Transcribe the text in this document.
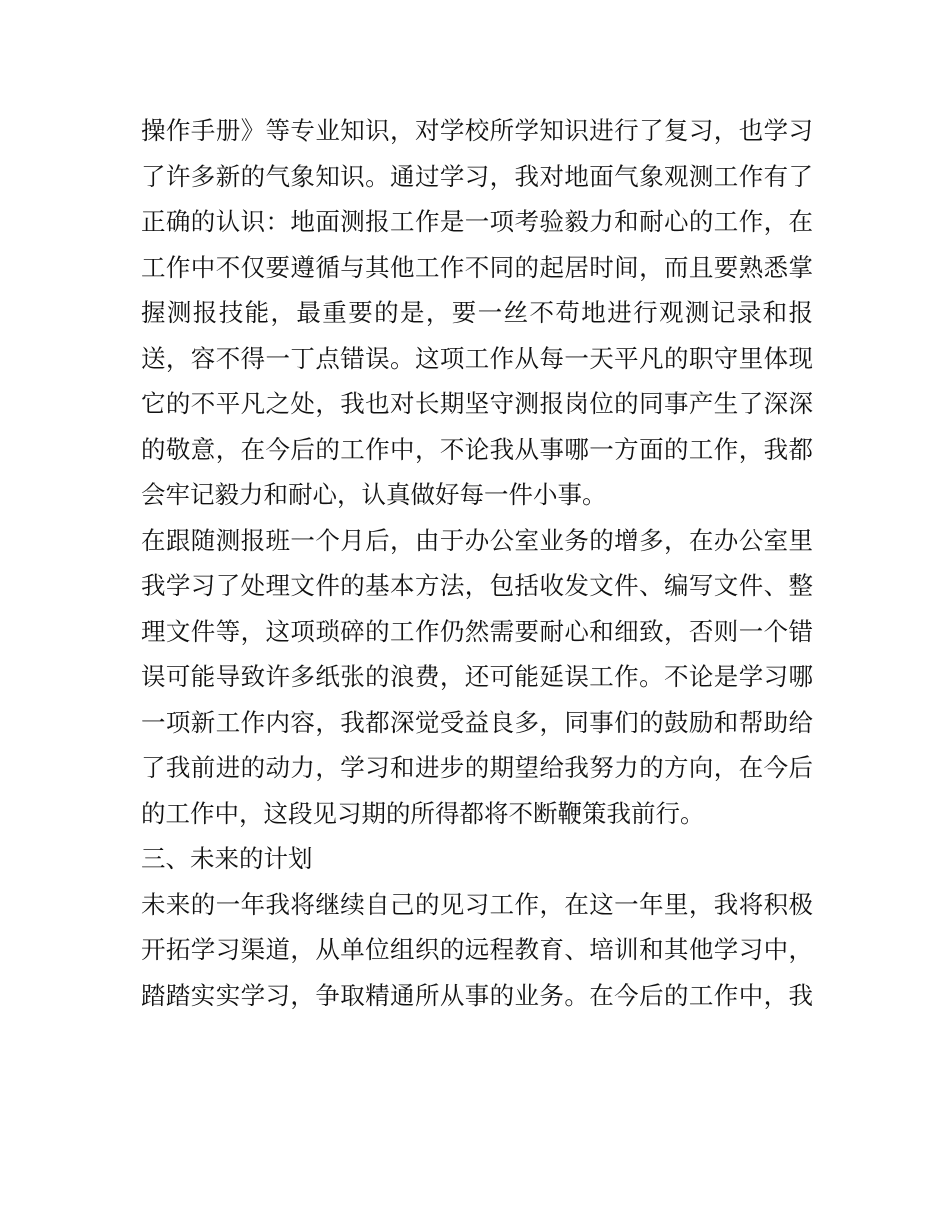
操作手册》等专业知识，对学校所学知识进行了复习，也学习
了许多新的气象知识。通过学习，我对地面气象观测工作有了
正确的认识：地面测报工作是一项考验毅力和耐心的工作，在
工作中不仅要遵循与其他工作不同的起居时间，而且要熟悉掌
握测报技能，最重要的是，要一丝不苟地进行观测记录和报
送，容不得一丁点错误。这项工作从每一天平凡的职守里体现
它的不平凡之处，我也对长期坚守测报岗位的同事产生了深深
的敬意，在今后的工作中，不论我从事哪一方面的工作，我都
会牢记毅力和耐心，认真做好每一件小事。
在跟随测报班一个月后，由于办公室业务的增多，在办公室里
我学习了处理文件的基本方法，包括收发文件、编写文件、整
理文件等，这项琐碎的工作仍然需要耐心和细致，否则一个错
误可能导致许多纸张的浪费，还可能延误工作。不论是学习哪
一项新工作内容，我都深觉受益良多，同事们的鼓励和帮助给
了我前进的动力，学习和进步的期望给我努力的方向，在今后
的工作中，这段见习期的所得都将不断鞭策我前行。
三、未来的计划
未来的一年我将继续自己的见习工作，在这一年里，我将积极
开拓学习渠道，从单位组织的远程教育、培训和其他学习中，
踏踏实实学习，争取精通所从事的业务。在今后的工作中，我
